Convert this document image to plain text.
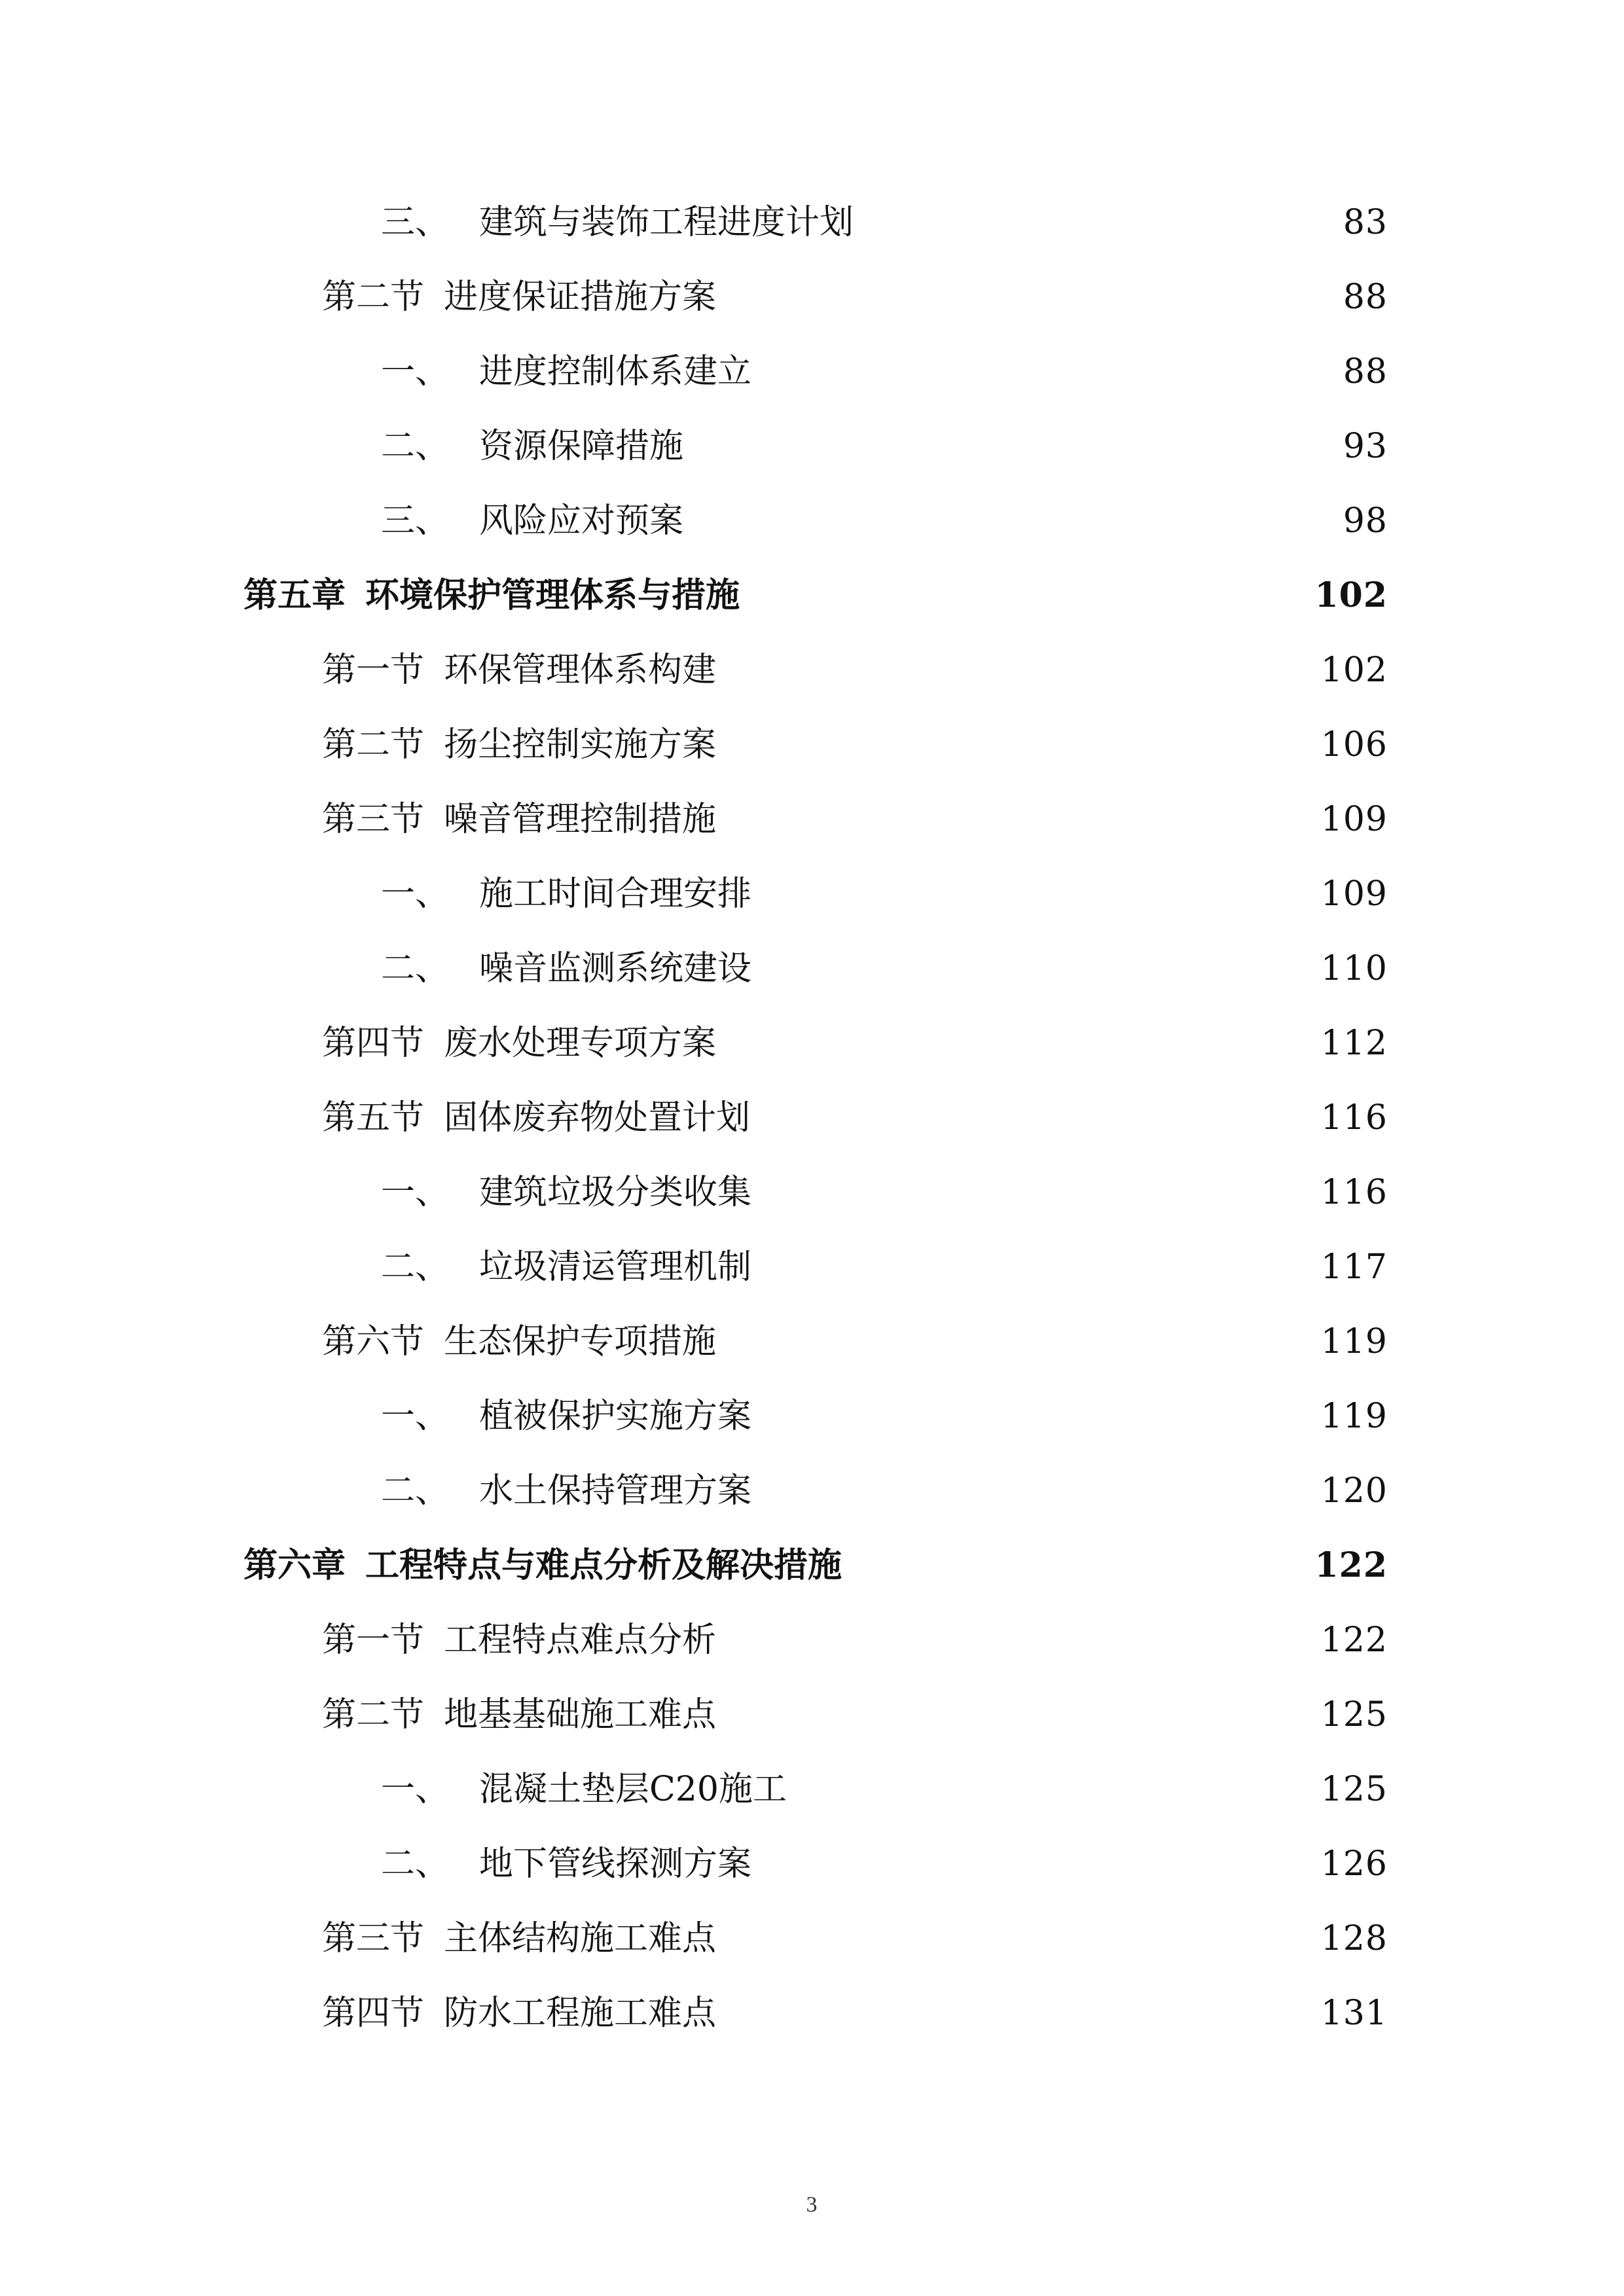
三、 建筑与装饰工程进度计划	83
第二节 进度保证措施方案	88
一、 进度控制体系建立	88
二、 资源保障措施	93
三、 风险应对预案	98
第五章 环境保护管理体系与措施	102
第一节 环保管理体系构建	102
第二节 扬尘控制实施方案	106
第三节 噪音管理控制措施	109
一、 施工时间合理安排	109
二、 噪音监测系统建设	110
第四节 废水处理专项方案	112
第五节 固体废弃物处置计划	116
一、 建筑垃圾分类收集	116
二、 垃圾清运管理机制	117
第六节 生态保护专项措施	119
一、 植被保护实施方案	119
二、 水土保持管理方案	120
第六章 工程特点与难点分析及解决措施	122
第一节 工程特点难点分析	122
第二节 地基基础施工难点	125
一、 混凝土垫层C20施工	125
二、 地下管线探测方案	126
第三节 主体结构施工难点	128
第四节 防水工程施工难点	131
3
